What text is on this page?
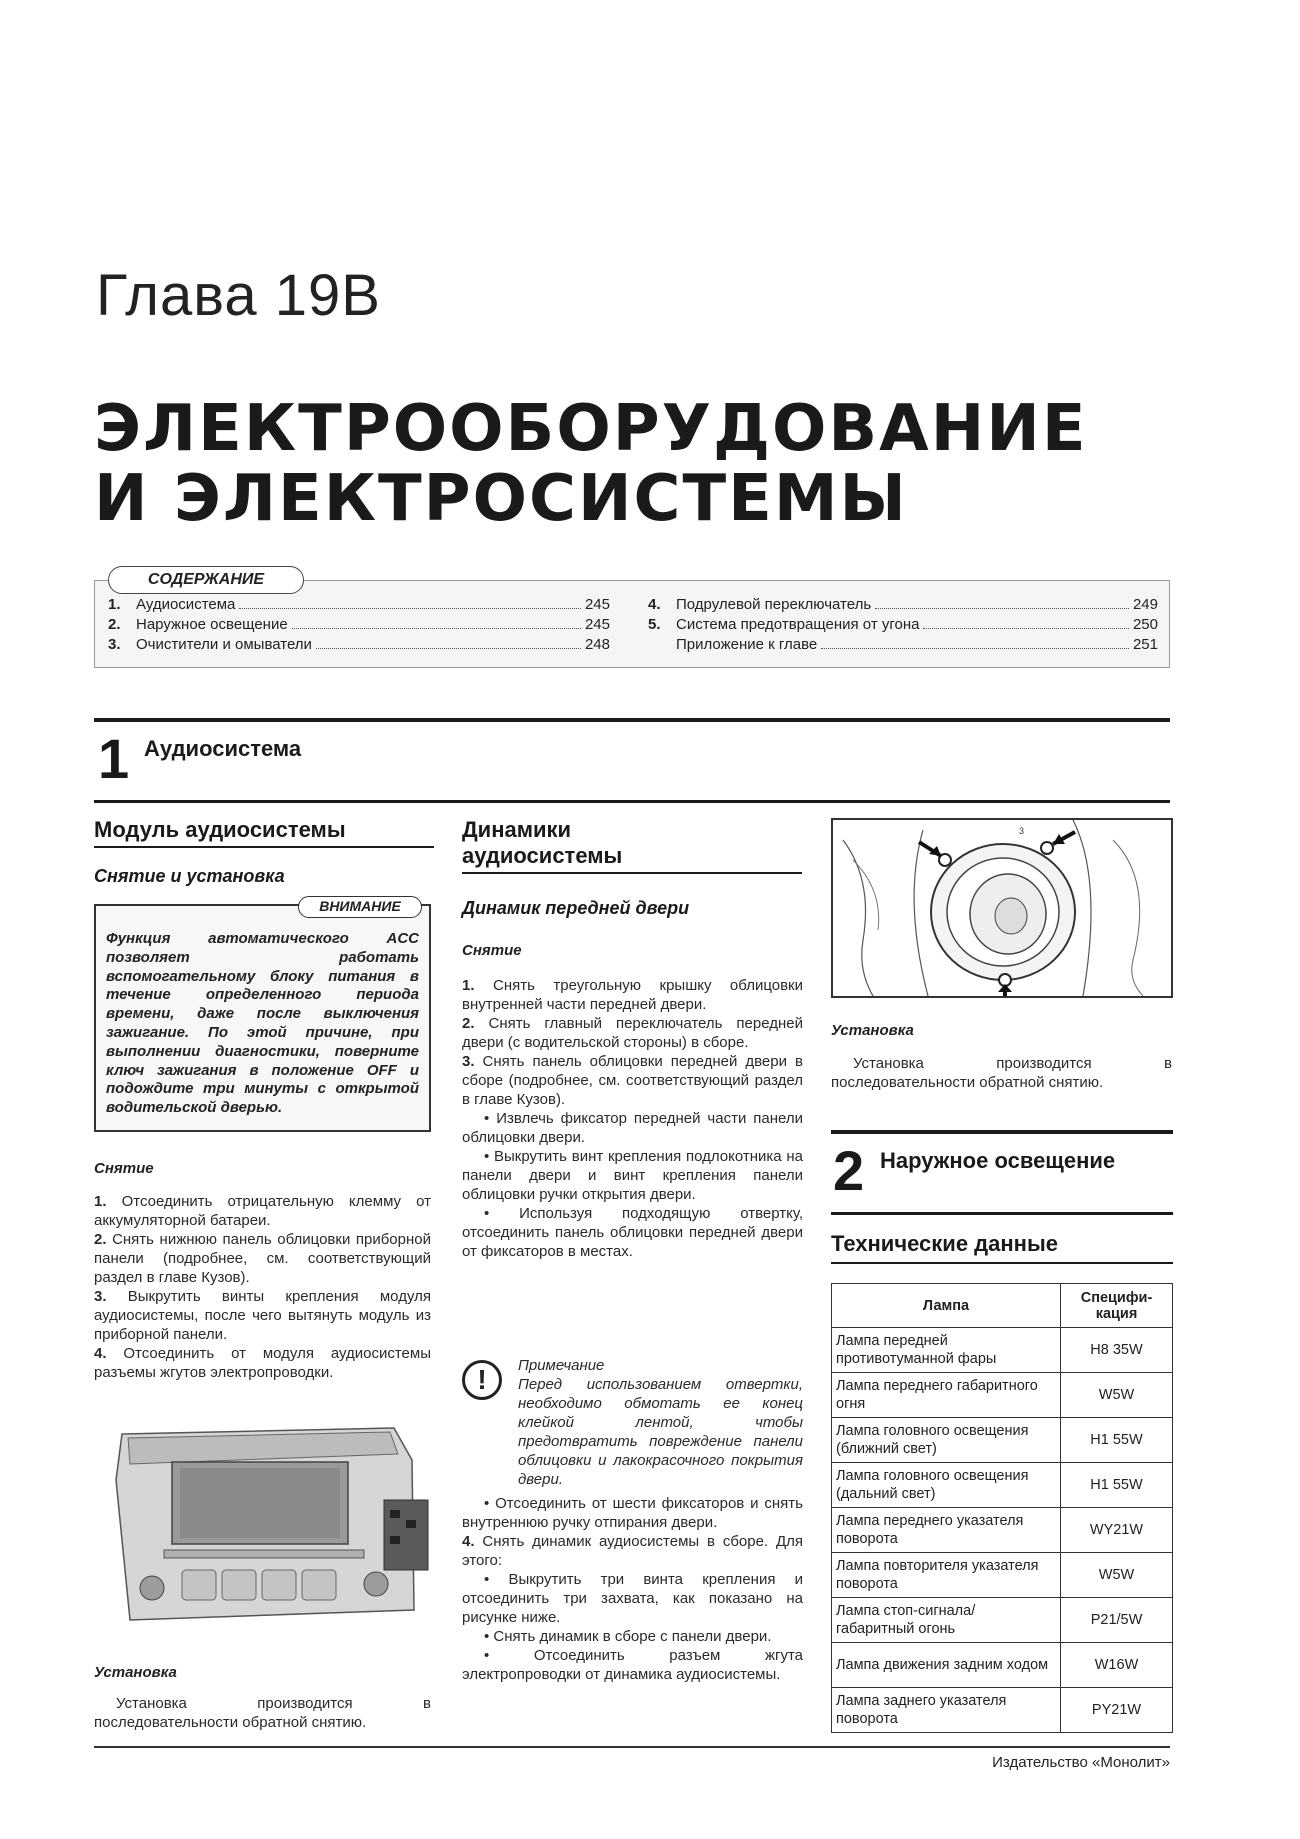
Глава 19В
ЭЛЕКТРООБОРУДОВАНИЕ
И ЭЛЕКТРОСИСТЕМЫ
СОДЕРЖАНИЕ
1.	Аудиосистема	245
2.	Наружное освещение	245
3.	Очистители и омыватели	248
4.	Подрулевой переключатель	249
5.	Система предотвращения от угона	250
Приложение к главе	251
1 Аудиосистема
Модуль аудиосистемы
Снятие и установка
Функция автоматического ACC позволяет работать вспомогательному блоку питания в течение определенного периода времени, даже после выключения зажигание. По этой причине, при выполнении диагностики, поверните ключ зажигания в положение OFF и подождите три минуты с открытой водительской дверью.
ВНИМАНИЕ
Снятие

1. Отсоединить отрицательную клемму от аккумуляторной батареи.

2. Снять нижнюю панель облицовки приборной панели (подробнее, см. соответствующий раздел в главе Кузов).

3. Выкрутить винты крепления модуля аудиосистемы, после чего вытянуть модуль из приборной панели.

4. Отсоединить от модуля аудиосистемы разъемы жгутов электропроводки.

Установка

Установка производится в последовательности обратной снятию.

Динамики
аудиосистемы
Динамик передней двери
Снятие

1. Снять треугольную крышку облицовки внутренней части передней двери.

2. Снять главный переключатель передней двери (с водительской стороны) в сборе.

3. Снять панель облицовки передней двери в сборе (подробнее, см. соответствующий раздел в главе Кузов).

• Извлечь фиксатор передней части панели облицовки двери.

• Выкрутить винт крепления подлокотника на панели двери и винт крепления панели облицовки ручки открытия двери.

• Используя подходящую отвертку, отсоединить панель облицовки передней двери от фиксаторов в местах.

!	Примечание

Перед использованием отвертки, необходимо обмотать ее конец клейкой лентой, чтобы предотвратить повреждение панели облицовки и лакокрасочного покрытия двери.

• Отсоединить от шести фиксаторов и снять внутреннюю ручку отпирания двери.

4. Снять динамик аудиосистемы в сборе. Для этого:

• Выкрутить три винта крепления и отсоединить три захвата, как показано на рисунке ниже.

• Снять динамик в сборе с панели двери.

• Отсоединить разъем жгута электропроводки от динамика аудиосистемы.

3
Установка

Установка производится в последовательности обратной снятию.

2 Наружное освещение
Технические данные
Лампа	Специфи-кация
Лампа передней противотуманной фары	H8 35W
Лампа переднего габаритного огня	W5W
Лампа головного освещения (ближний свет)	H1 55W
Лампа головного освещения (дальний свет)	H1 55W
Лампа переднего указателя поворота	WY21W
Лампа повторителя указателя поворота	W5W
Лампа стоп-сигнала/ габаритный огонь	P21/5W
Лампа движения задним ходом	W16W
Лампа заднего указателя поворота	PY21W
Издательство «Монолит»
